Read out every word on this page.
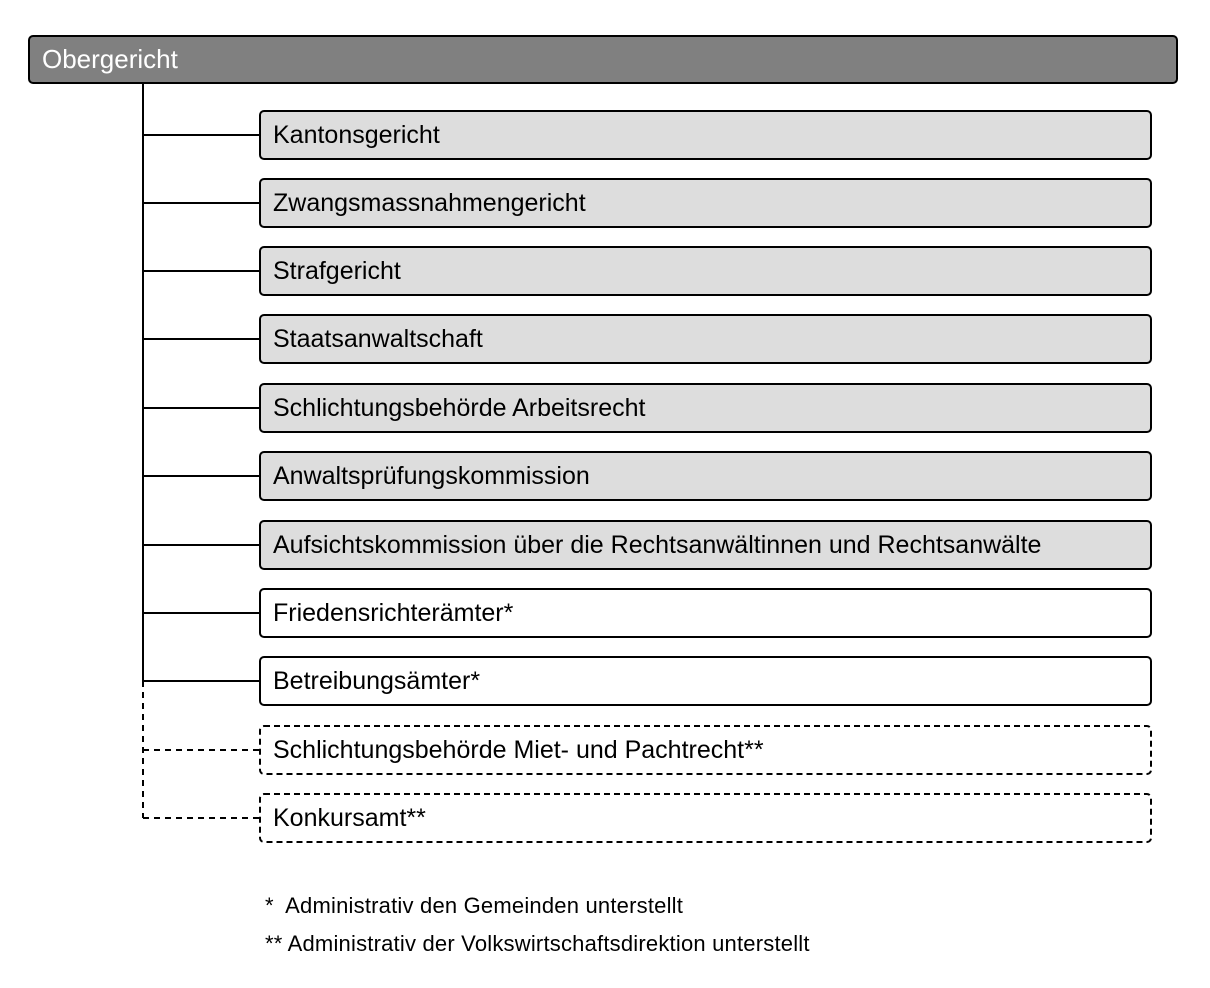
Obergericht
Kantonsgericht
Zwangsmassnahmengericht
Strafgericht
Staatsanwaltschaft
Schlichtungsbehörde Arbeitsrecht
Anwaltsprüfungskommission
Aufsichtskommission über die Rechtsanwältinnen und Rechtsanwälte
Friedensrichterämter*
Betreibungsämter*
Schlichtungsbehörde Miet- und Pachtrecht**
Konkursamt**
*  Administrativ den Gemeinden unterstellt
** Administrativ der Volkswirtschaftsdirektion unterstellt
